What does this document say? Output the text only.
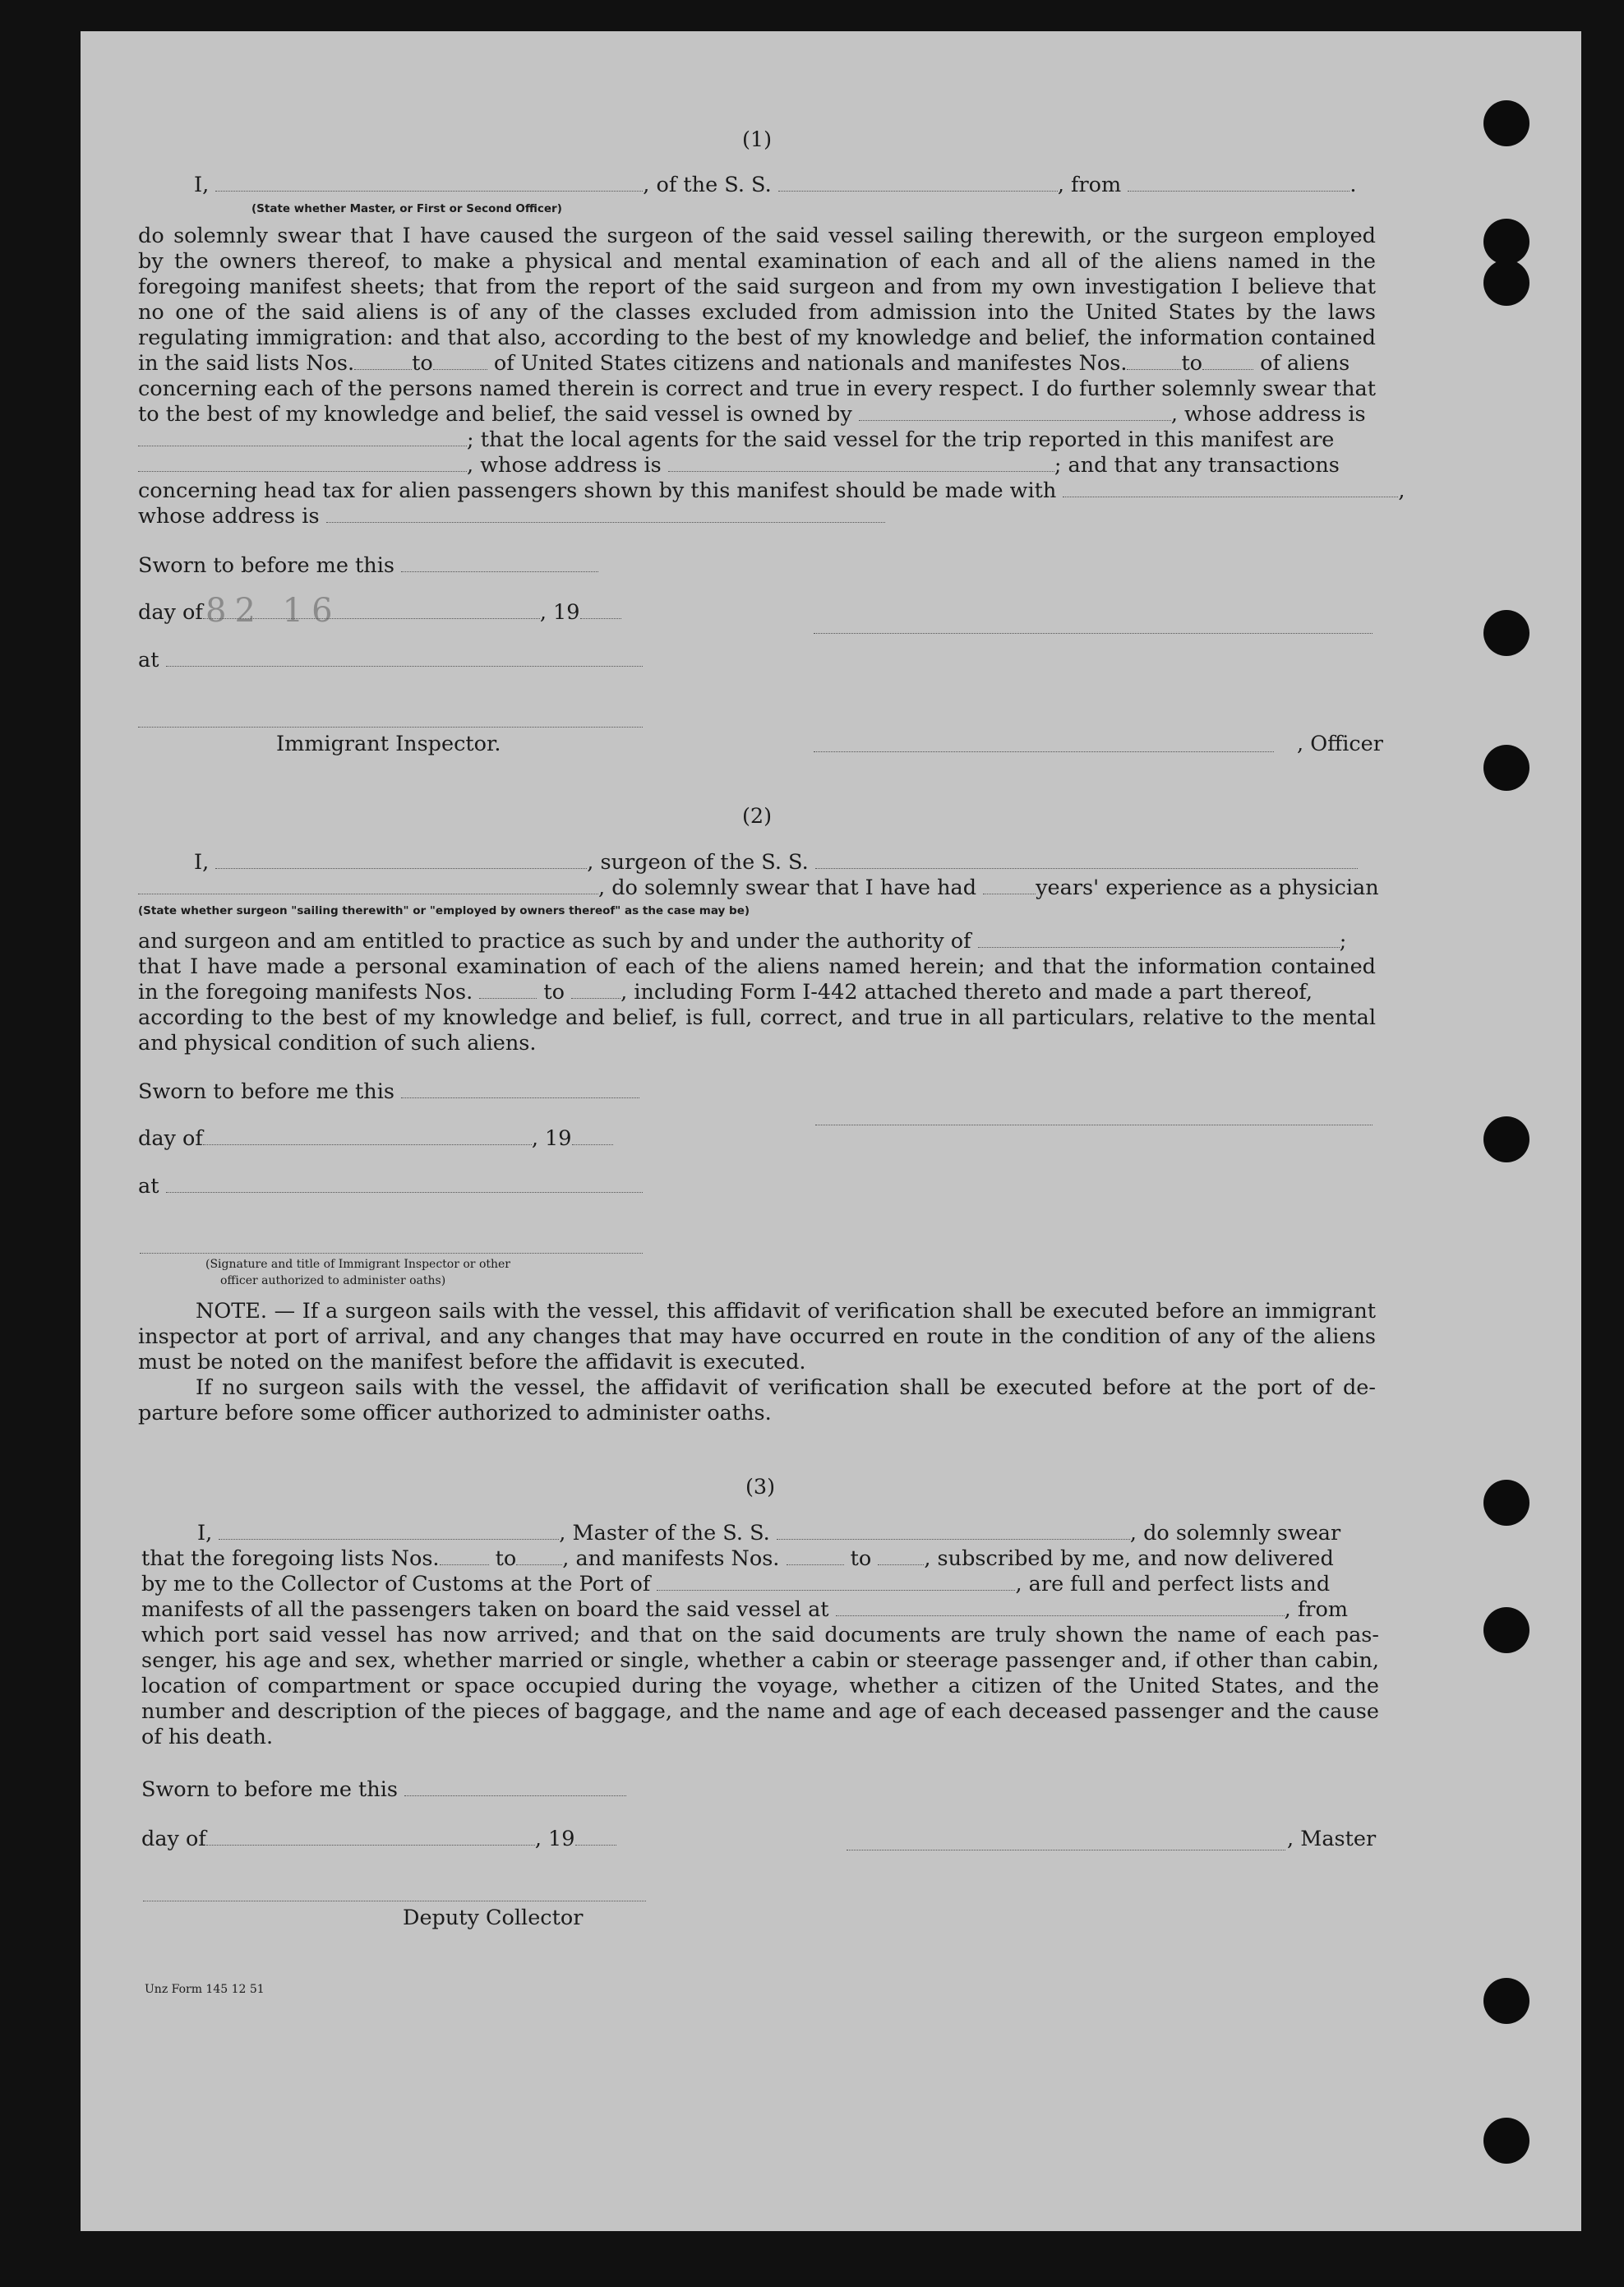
82 16
(1)
I,	, of the S. S.	, from	.
(State whether Master, or First or Second Officer)
do solemnly swear that I have caused the surgeon of the said vessel sailing therewith, or the surgeon employed
by the owners thereof, to make a physical and mental examination of each and all of the aliens named in the
foregoing manifest sheets; that from the report of the said surgeon and from my own investigation I believe that
no one of the said aliens is of any of the classes excluded from admission into the United States by the laws
regulating immigration: and that also, according to the best of my knowledge and belief, the information contained
in the said lists Nos.	to	of United States citizens and nationals and manifestes Nos.	to	of aliens
concerning each of the persons named therein is correct and true in every respect. I do further solemnly swear that
to the best of my knowledge and belief, the said vessel is owned by	, whose address is
; that the local agents for the said vessel for the trip reported in this manifest are
, whose address is	; and that any transactions
concerning head tax for alien passengers shown by this manifest should be made with	,
whose address is
Sworn to before me this
day of	, 19
at
Immigrant Inspector.	, Officer
(2)
I,	, surgeon of the S. S.
, do solemnly swear that I have had	years' experience as a physician
(State whether surgeon "sailing therewith" or "employed by owners thereof" as the case may be)
and surgeon and am entitled to practice as such by and under the authority of	;
that I have made a personal examination of each of the aliens named herein; and that the information contained
in the foregoing manifests Nos.	to	, including Form I-442 attached thereto and made a part thereof,
according to the best of my knowledge and belief, is full, correct, and true in all particulars, relative to the mental
and physical condition of such aliens.
Sworn to before me this
day of	, 19
at
(Signature and title of Immigrant Inspector or other
officer authorized to administer oaths)
NOTE. — If a surgeon sails with the vessel, this affidavit of verification shall be executed before an immigrant
inspector at port of arrival, and any changes that may have occurred en route in the condition of any of the aliens
must be noted on the manifest before the affidavit is executed.
If no surgeon sails with the vessel, the affidavit of verification shall be executed before at the port of de-
parture before some officer authorized to administer oaths.
(3)
I,	, Master of the S. S.	, do solemnly swear
that the foregoing lists Nos.	to , and manifests Nos.	to	, subscribed by me, and now delivered
by me to the Collector of Customs at the Port of	, are full and perfect lists and
manifests of all the passengers taken on board the said vessel at	, from
which port said vessel has now arrived; and that on the said documents are truly shown the name of each pas-
senger, his age and sex, whether married or single, whether a cabin or steerage passenger and, if other than cabin,
location of compartment or space occupied during the voyage, whether a citizen of the United States, and the
number and description of the pieces of baggage, and the name and age of each deceased passenger and the cause
of his death.
Sworn to before me this
day of	, 19	, Master
Deputy Collector
Unz Form 145 12 51
